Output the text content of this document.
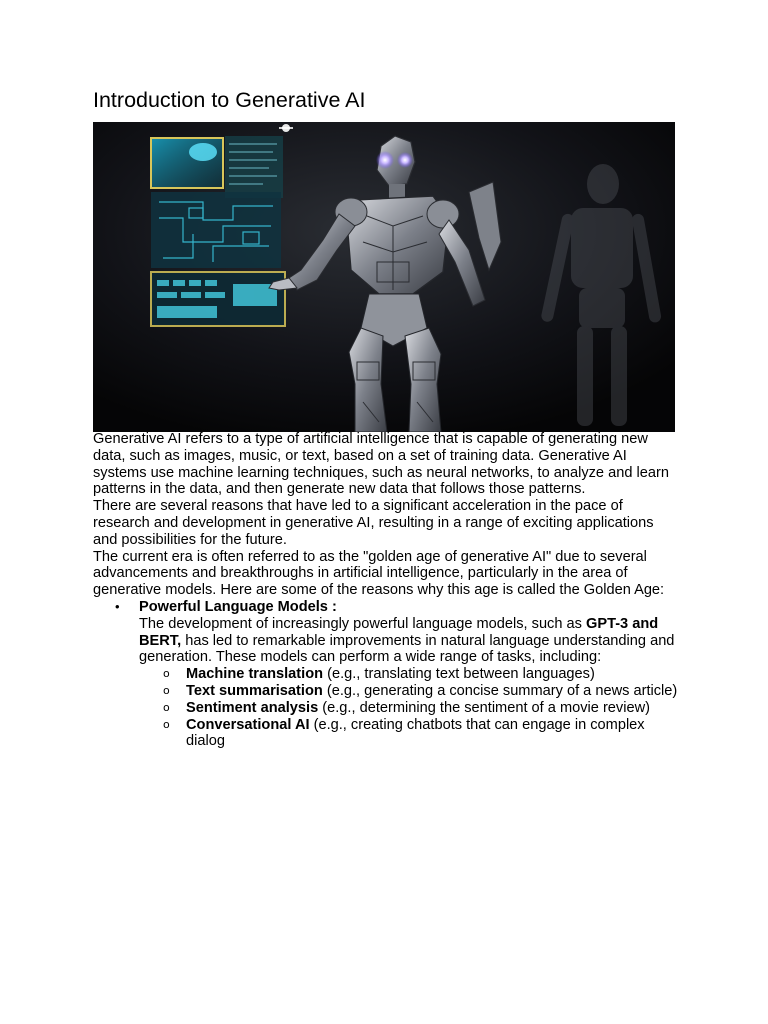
Introduction to Generative AI

Generative AI refers to a type of artificial intelligence that is capable of generating new data, such as images, music, or text, based on a set of training data. Generative AI systems use machine learning techniques, such as neural networks, to analyze and learn patterns in the data, and then generate new data that follows those patterns.

There are several reasons that have led to a significant acceleration in the pace of research and development in generative AI, resulting in a range of exciting applications and possibilities for the future.

The current era is often referred to as the "golden age of generative AI" due to several advancements and breakthroughs in artificial intelligence, particularly in the area of generative models. Here are some of the reasons why this age is called the Golden Age:

• Powerful Language Models :
The development of increasingly powerful language models, such as GPT-3 and BERT, has led to remarkable improvements in natural language understanding and generation. These models can perform a wide range of tasks, including:
o Machine translation (e.g., translating text between languages)
o Text summarisation (e.g., generating a concise summary of a news article)
o Sentiment analysis (e.g., determining the sentiment of a movie review)
o Conversational AI (e.g., creating chatbots that can engage in complex dialog
